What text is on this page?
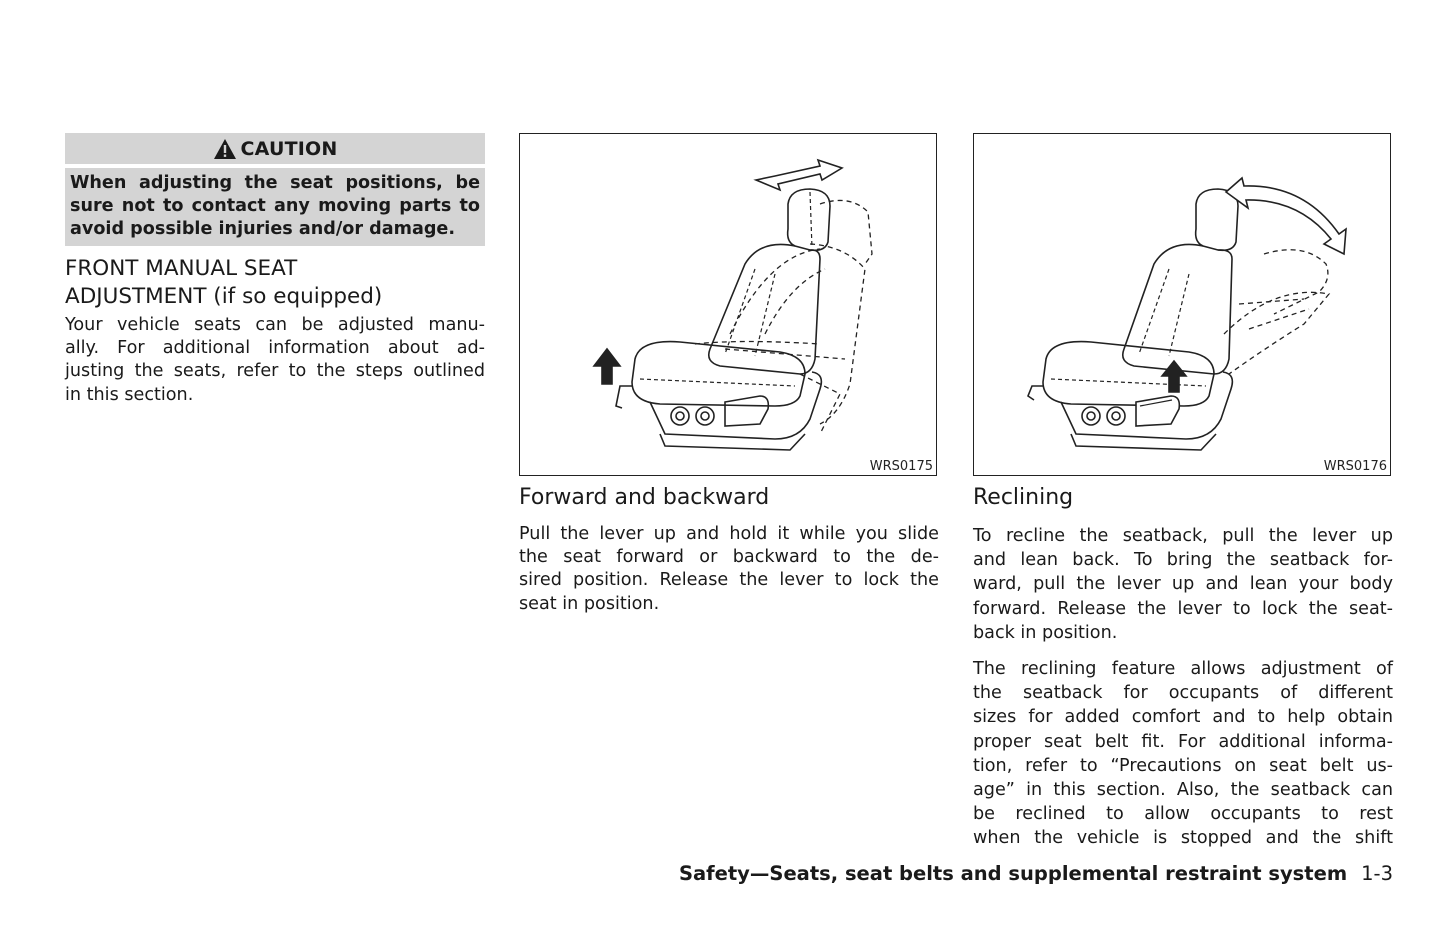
CAUTION
When adjusting the seat positions, be
sure not to contact any moving parts to
avoid possible injuries and/or damage.
FRONT MANUAL SEAT
ADJUSTMENT (if so equipped)
Your vehicle seats can be adjusted manu-
ally. For additional information about ad-
justing the seats, refer to the steps outlined
in this section.
WRS0175
Forward and backward
Pull the lever up and hold it while you slide
the seat forward or backward to the de-
sired position. Release the lever to lock the
seat in position.
WRS0176
Reclining
To recline the seatback, pull the lever up
and lean back. To bring the seatback for-
ward, pull the lever up and lean your body
forward. Release the lever to lock the seat-
back in position.
The reclining feature allows adjustment of
the seatback for occupants of different
sizes for added comfort and to help obtain
proper seat belt fit. For additional informa-
tion, refer to “Precautions on seat belt us-
age” in this section. Also, the seatback can
be reclined to allow occupants to rest
when the vehicle is stopped and the shift
Safety—Seats, seat belts and supplemental restraint system 1-3
